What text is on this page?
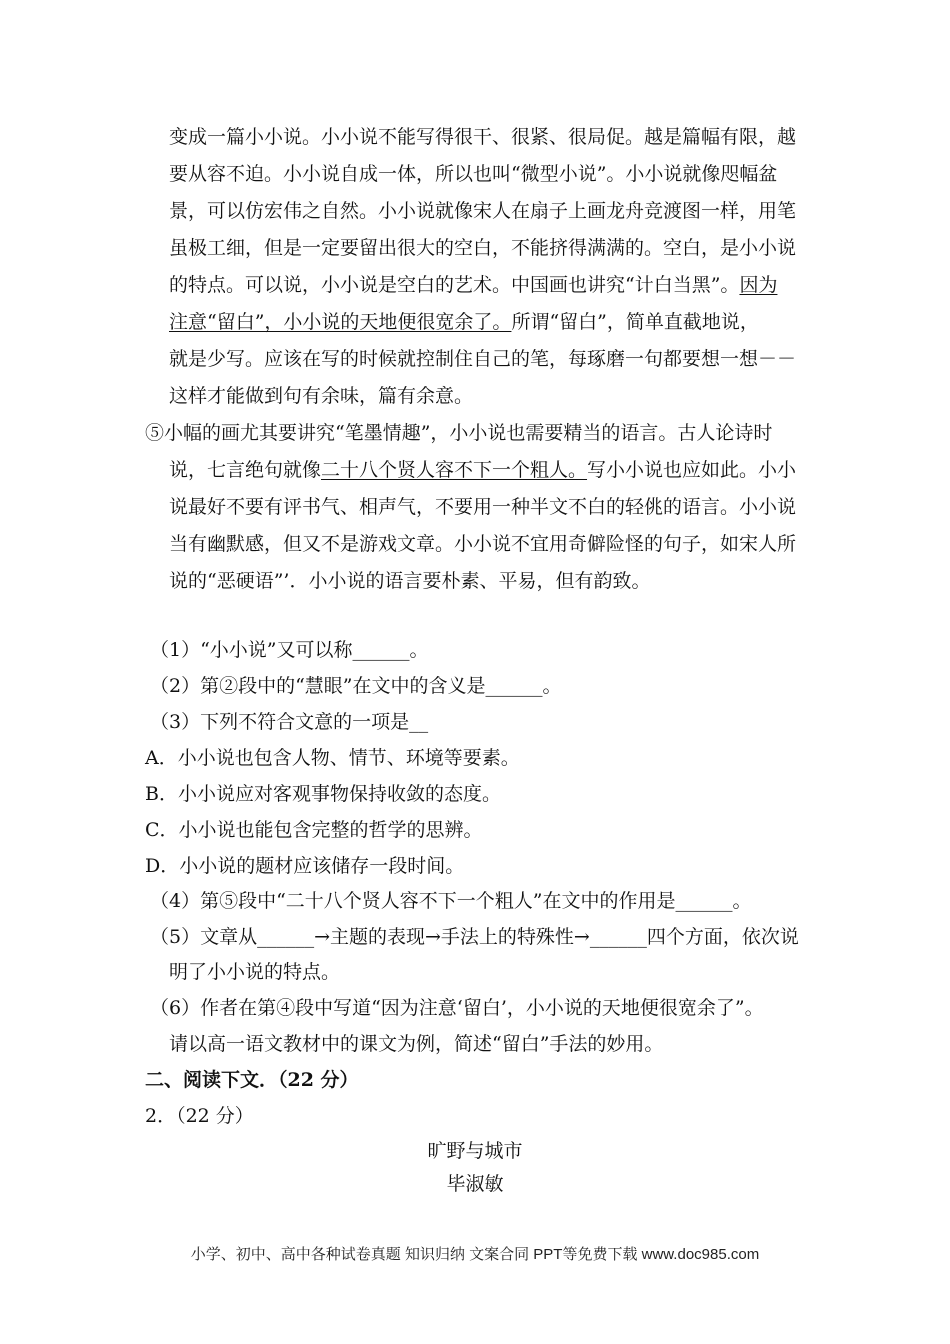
变成一篇小小说。小小说不能写得很干、很紧、很局促。越是篇幅有限，越
要从容不迫。小小说自成一体，所以也叫“微型小说”。小小说就像咫幅盆
景，可以仿宏伟之自然。小小说就像宋人在扇子上画龙舟竞渡图一样，用笔
虽极工细，但是一定要留出很大的空白，不能挤得满满的。空白，是小小说
的特点。可以说，小小说是空白的艺术。中国画也讲究“计白当黑”。因为
注意“留白”，小小说的天地便很宽余了。所谓“留白”，简单直截地说，
就是少写。应该在写的时候就控制住自己的笔，每琢磨一句都要想一想－－
这样才能做到句有余味，篇有余意。
⑤小幅的画尤其要讲究“笔墨情趣”，小小说也需要精当的语言。古人论诗时
说，七言绝句就像二十八个贤人容不下一个粗人。写小小说也应如此。小小
说最好不要有评书气、相声气，不要用一种半文不白的轻佻的语言。小小说
当有幽默感，但又不是游戏文章。小小说不宜用奇僻险怪的句子，如宋人所
说的“恶硬语”’．小小说的语言要朴素、平易，但有韵致。
（1）“小小说”又可以称______。
（2）第②段中的“慧眼”在文中的含义是______。
（3）下列不符合文意的一项是__
A．小小说也包含人物、情节、环境等要素。
B．小小说应对客观事物保持收敛的态度。
C．小小说也能包含完整的哲学的思辨。
D．小小说的题材应该储存一段时间。
（4）第⑤段中“二十八个贤人容不下一个粗人”在文中的作用是______。
（5）文章从______→主题的表现→手法上的特殊性→______四个方面，依次说
明了小小说的特点。
（6）作者在第④段中写道“因为注意‘留白’，小小说的天地便很宽余了”。
请以高一语文教材中的课文为例，简述“留白”手法的妙用。
二、阅读下文．（22 分）
2．（22 分）
旷野与城市
毕淑敏
小学、初中、高中各种试卷真题 知识归纳 文案合同 PPT等免费下载 www.doc985.com
